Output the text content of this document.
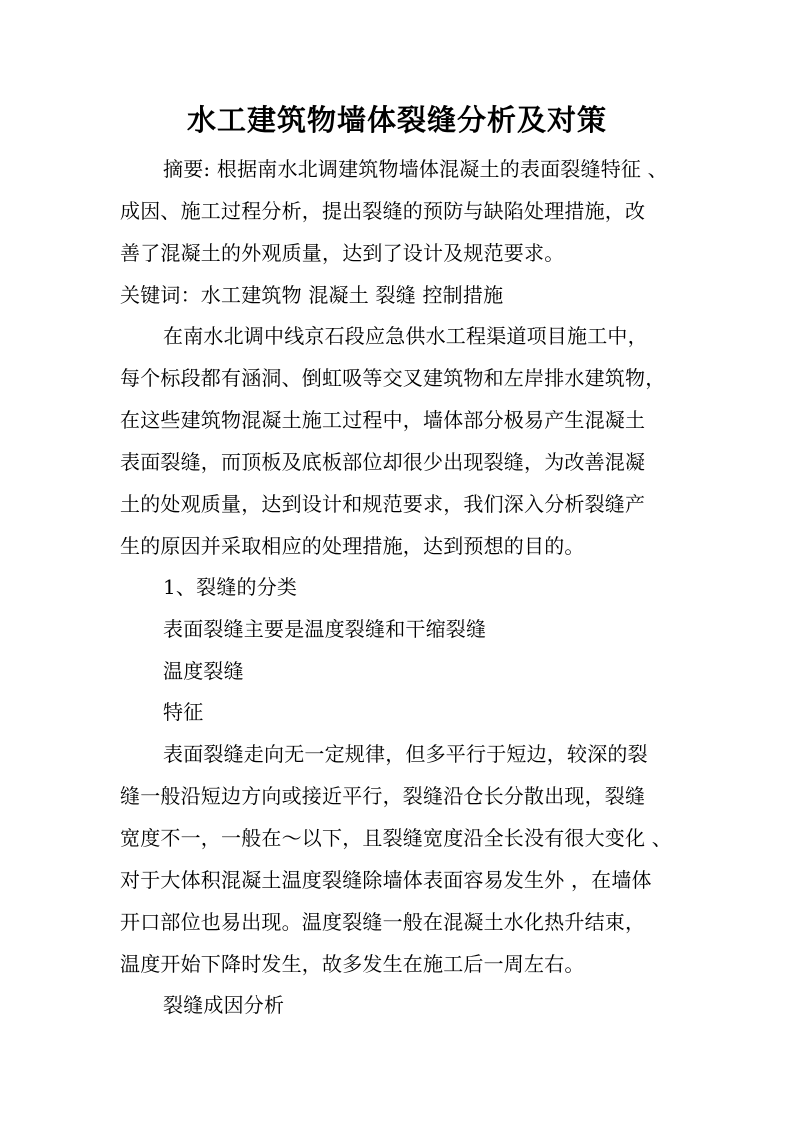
水工建筑物墙体裂缝分析及对策
摘要: 根据南水北调建筑物墙体混凝土的表面裂缝特征 、
成因、施工过程分析，提出裂缝的预防与缺陷处理措施，改
善了混凝土的外观质量，达到了设计及规范要求。
关键词：水工建筑物 混凝土 裂缝 控制措施
在南水北调中线京石段应急供水工程渠道项目施工中，
每个标段都有涵洞、倒虹吸等交叉建筑物和左岸排水建筑物，
在这些建筑物混凝土施工过程中，墙体部分极易产生混凝土
表面裂缝，而顶板及底板部位却很少出现裂缝，为改善混凝
土的处观质量，达到设计和规范要求，我们深入分析裂缝产
生的原因并采取相应的处理措施，达到预想的目的。
1、裂缝的分类
表面裂缝主要是温度裂缝和干缩裂缝
温度裂缝
特征
表面裂缝走向无一定规律，但多平行于短边，较深的裂
缝一般沿短边方向或接近平行，裂缝沿仓长分散出现，裂缝
宽度不一，一般在～以下，且裂缝宽度沿全长没有很大变化 、
对于大体积混凝土温度裂缝除墙体表面容易发生外 ，在墙体
开口部位也易出现。温度裂缝一般在混凝土水化热升结束，
温度开始下降时发生，故多发生在施工后一周左右。
裂缝成因分析
